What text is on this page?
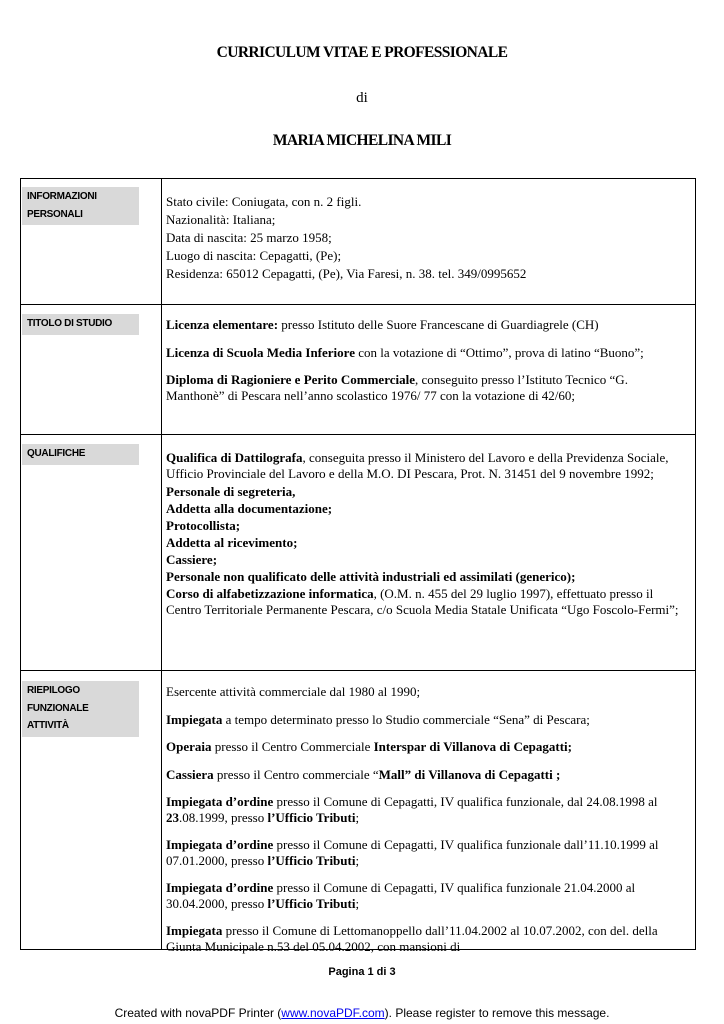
CURRICULUM VITAE E PROFESSIONALE
di
MARIA MICHELINA MILI
INFORMAZIONI
PERSONALI
Stato civile: Coniugata, con n. 2 figli.
Nazionalità: Italiana;
Data di nascita: 25 marzo 1958;
Luogo di nascita: Cepagatti, (Pe);
Residenza: 65012 Cepagatti, (Pe), Via Faresi, n. 38. tel. 349/0995652
TITOLO DI STUDIO	Licenza elementare: presso Istituto delle Suore Francescane di Guardiagrele (CH)

Licenza di Scuola Media Inferiore con la votazione di “Ottimo”, prova di latino “Buono”;

Diploma di Ragioniere e Perito Commerciale, conseguito presso l’Istituto Tecnico “G. Manthonè” di Pescara nell’anno scolastico 1976/ 77 con la votazione di 42/60;

QUALIFICHE	Qualifica di Dattilografa, conseguita presso il Ministero del Lavoro e della Previdenza Sociale, Ufficio Provinciale del Lavoro e della M.O. DI Pescara, Prot. N. 31451 del 9 novembre 1992;

Personale di segreteria,

Addetta alla documentazione;

Protocollista;

Addetta al ricevimento;

Cassiere;

Personale non qualificato delle attività industriali ed assimilati (generico);

Corso di alfabetizzazione informatica, (O.M. n. 455 del 29 luglio 1997), effettuato presso il Centro Territoriale Permanente Pescara, c/o Scuola Media Statale Unificata “Ugo Foscolo-Fermi”;

RIEPILOGO
FUNZIONALE
ATTIVITÀ

Esercente attività commerciale dal 1980 al 1990;

Impiegata a tempo determinato presso lo Studio commerciale “Sena” di Pescara;

Operaia presso il Centro Commerciale Interspar di Villanova di Cepagatti;

Cassiera presso il Centro commerciale “Mall” di Villanova di Cepagatti ;

Impiegata d’ordine presso il Comune di Cepagatti, IV qualifica funzionale, dal 24.08.1998 al 23.08.1999, presso l’Ufficio Tributi;

Impiegata d’ordine presso il Comune di Cepagatti, IV qualifica funzionale dall’11.10.1999 al 07.01.2000, presso l’Ufficio Tributi;

Impiegata d’ordine presso il Comune di Cepagatti, IV qualifica funzionale 21.04.2000 al 30.04.2000, presso l’Ufficio Tributi;

Impiegata presso il Comune di Lettomanoppello dall’11.04.2002 al 10.07.2002, con del. della Giunta Municipale n.53 del 05.04.2002, con mansioni di

Pagina 1 di 3
Created with novaPDF Printer (www.novaPDF.com). Please register to remove this message.
